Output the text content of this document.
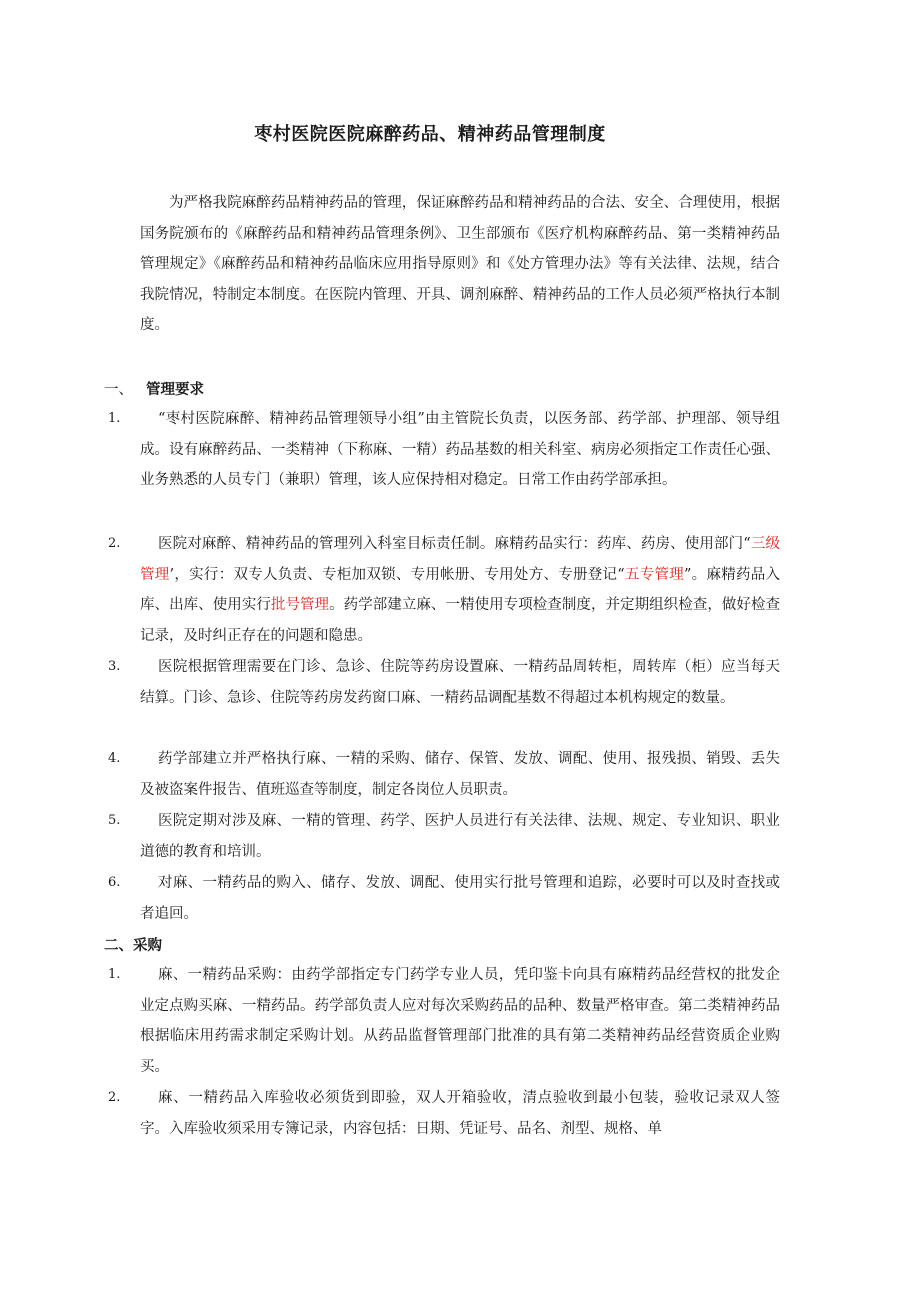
枣村医院医院麻醉药品、精神药品管理制度
为严格我院麻醉药品精神药品的管理，保证麻醉药品和精神药品的合法、安全、合理使用，根据国务院颁布的《麻醉药品和精神药品管理条例》、卫生部颁布《医疗机构麻醉药品、第一类精神药品管理规定》《麻醉药品和精神药品临床应用指导原则》和《处方管理办法》等有关法律、法规，结合我院情况，特制定本制度。在医院内管理、开具、调剂麻醉、精神药品的工作人员必须严格执行本制度。
一、 管理要求
1.	“枣村医院麻醉、精神药品管理领导小组”由主管院长负责，以医务部、药学部、护理部、领导组成。设有麻醉药品、一类精神（下称麻、一精）药品基数的相关科室、病房必须指定工作责任心强、业务熟悉的人员专门（兼职）管理，该人应保持相对稳定。日常工作由药学部承担。
2.	医院对麻醉、精神药品的管理列入科室目标责任制。麻精药品实行：药库、药房、使用部门“三级管理’，实行：双专人负责、专柜加双锁、专用帐册、专用处方、专册登记“五专管理”。麻精药品入库、出库、使用实行批号管理。药学部建立麻、一精使用专项检查制度，并定期组织检查，做好检查记录，及时纠正存在的问题和隐患。
3.	医院根据管理需要在门诊、急诊、住院等药房设置麻、一精药品周转柜，周转库（柜）应当每天结算。门诊、急诊、住院等药房发药窗口麻、一精药品调配基数不得超过本机构规定的数量。
4.	药学部建立并严格执行麻、一精的采购、储存、保管、发放、调配、使用、报残损、销毁、丢失及被盗案件报告、值班巡查等制度，制定各岗位人员职责。
5.	医院定期对涉及麻、一精的管理、药学、医护人员进行有关法律、法规、规定、专业知识、职业道德的教育和培训。
6.	对麻、一精药品的购入、储存、发放、调配、使用实行批号管理和追踪，必要时可以及时查找或者追回。
二、采购
1.	麻、一精药品采购：由药学部指定专门药学专业人员，凭印鉴卡向具有麻精药品经营权的批发企业定点购买麻、一精药品。药学部负责人应对每次采购药品的品种、数量严格审查。第二类精神药品根据临床用药需求制定采购计划。从药品监督管理部门批准的具有第二类精神药品经营资质企业购买。
2.	麻、一精药品入库验收必须货到即验，双人开箱验收，清点验收到最小包装，验收记录双人签字。入库验收须采用专簿记录，内容包括：日期、凭证号、品名、剂型、规格、单
